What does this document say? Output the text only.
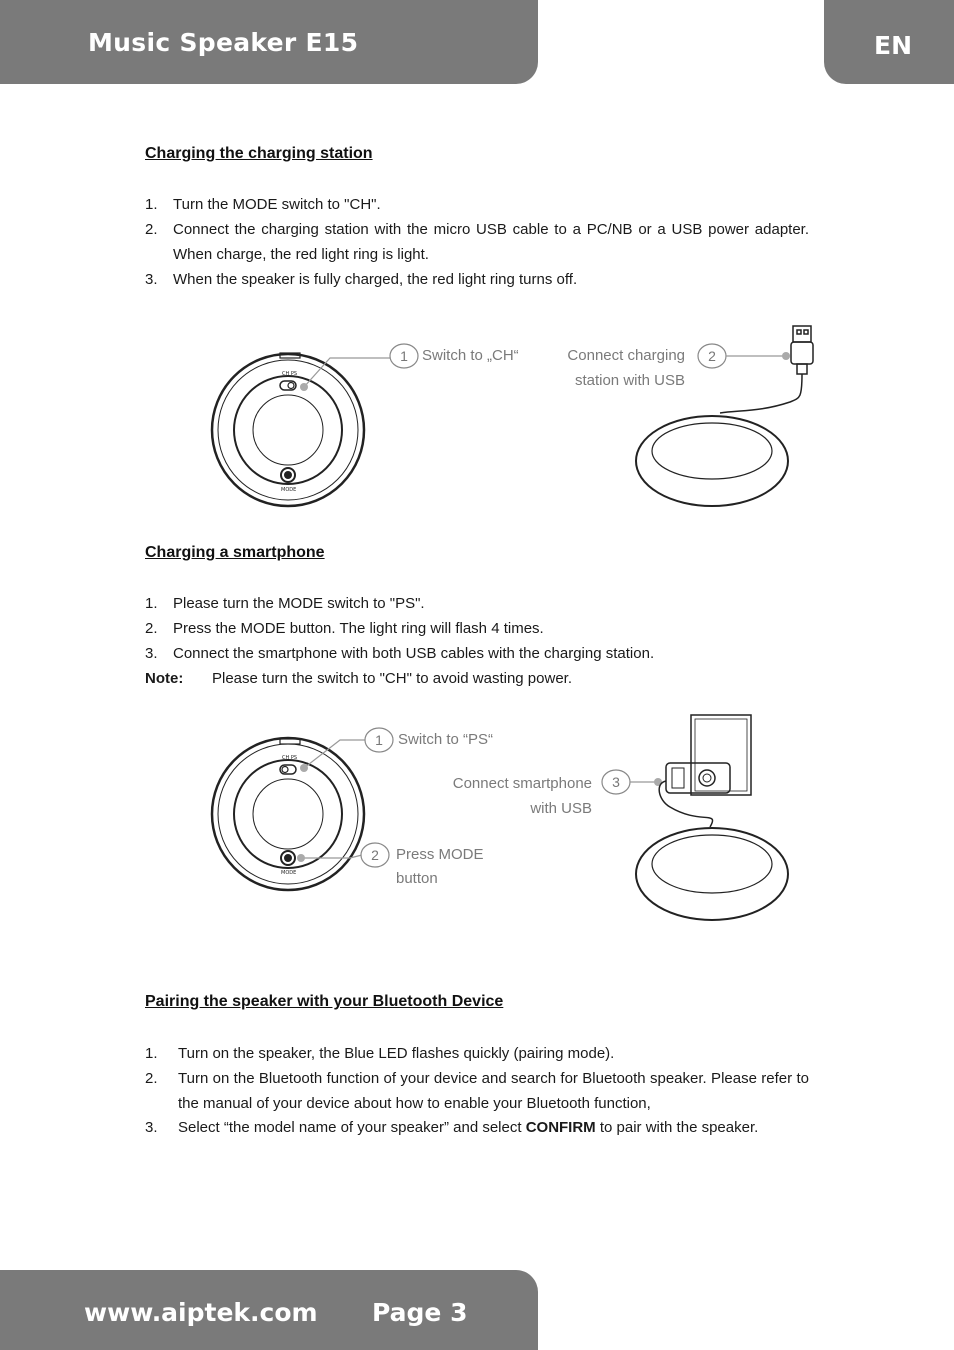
Music Speaker E15	EN
Charging the charging station
1.	Turn the MODE switch to "CH".
2.	Connect the charging station with the micro USB cable to a PC/NB or a USB power adapter. When charge, the red light ring is light.
3.	When the speaker is fully charged, the red light ring turns off.
CH PS
MODE
1	2
Switch to „CH“	Connect charging
station with USB
Charging a smartphone
1.	Please turn the MODE switch to "PS".
2.	Press the MODE button. The light ring will flash 4 times.
3.	Connect the smartphone with both USB cables with the charging station.
Note: Please turn the switch to "CH" to avoid wasting power.
CH PS
MODE
1
2
3
Switch to “PS“
Press MODE
button
Connect smartphone
with USB
Pairing the speaker with your Bluetooth Device
1.	Turn on the speaker, the Blue LED flashes quickly (pairing mode).
2.	Turn on the Bluetooth function of your device and search for Bluetooth speaker. Please refer to the manual of your device about how to enable your Bluetooth function,
3.	Select “the model name of your speaker” and select CONFIRM to pair with the speaker.
www.aiptek.com Page 3
